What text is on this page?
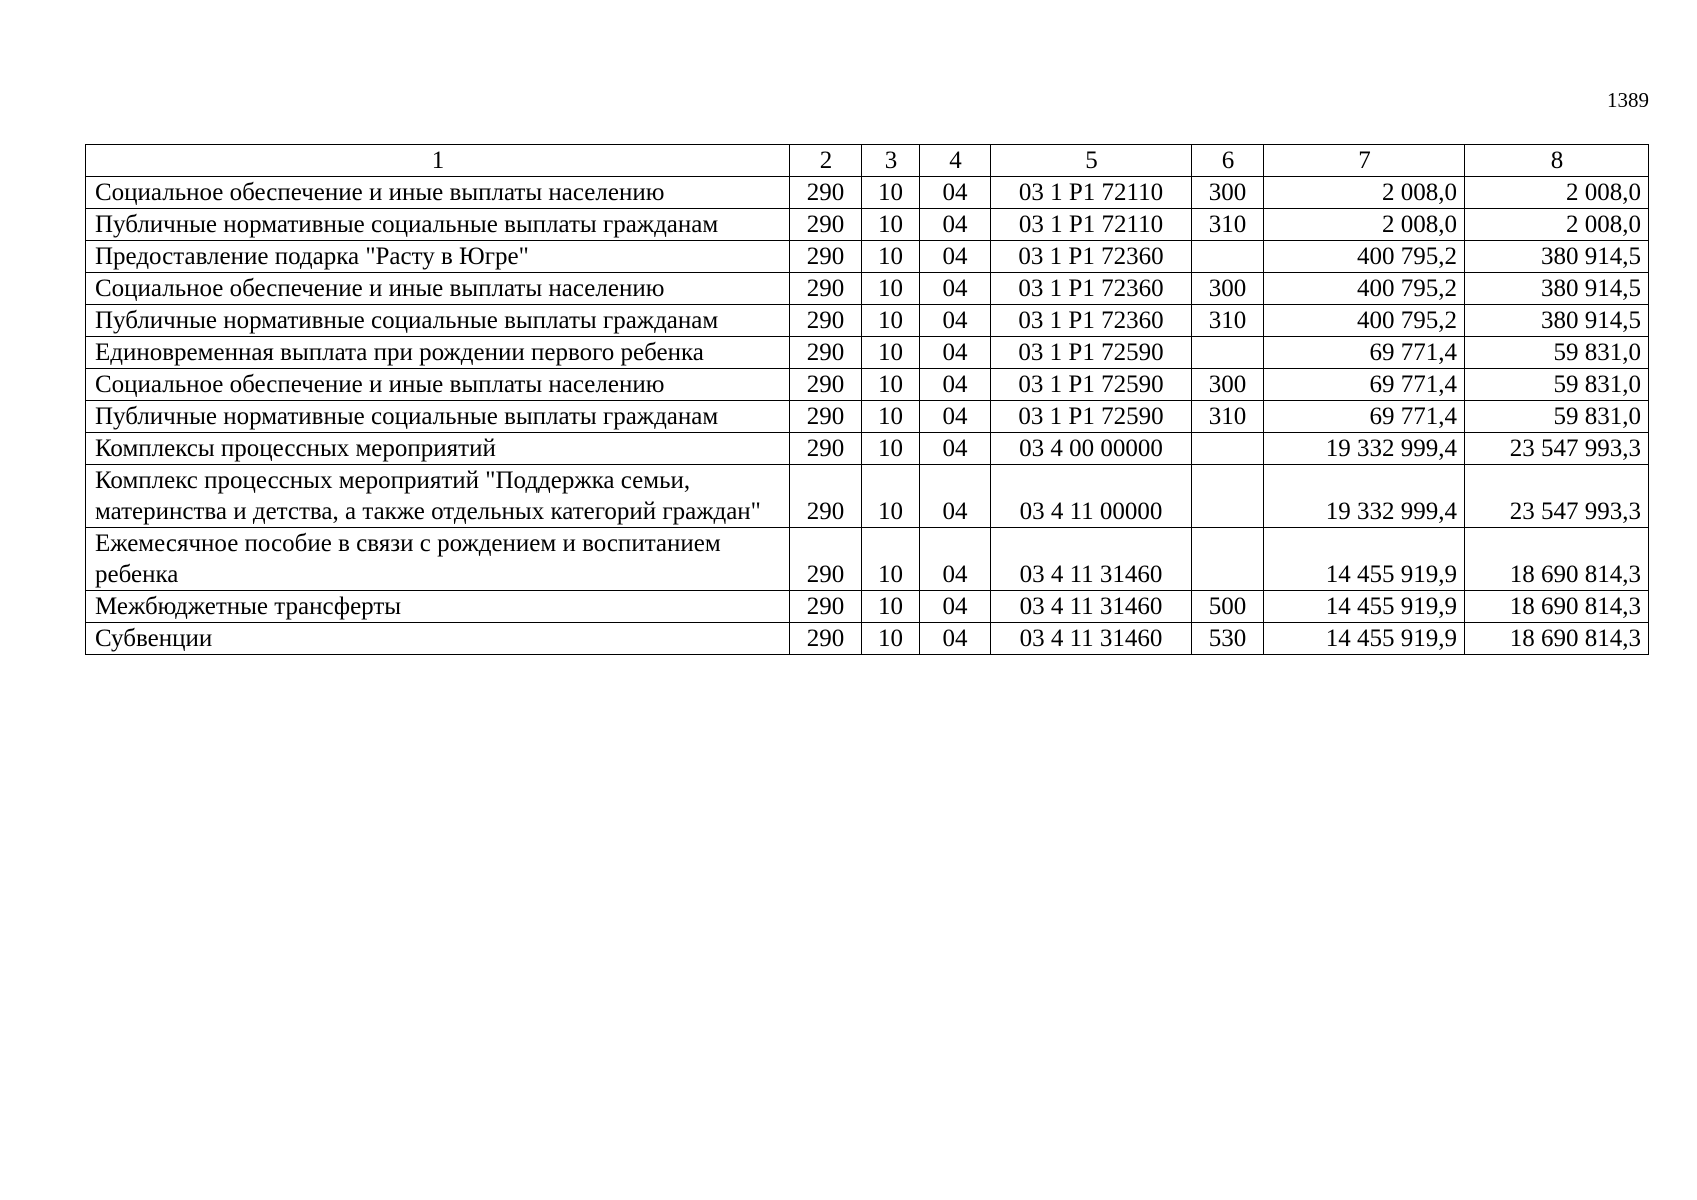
1389
1	2	3	4	5	6	7	8
Социальное обеспечение и иные выплаты населению	290	10	04	03 1 Р1 72110	300	2 008,0	2 008,0
Публичные нормативные социальные выплаты гражданам	290	10	04	03 1 Р1 72110	310	2 008,0	2 008,0
Предоставление подарка "Расту в Югре"	290	10	04	03 1 Р1 72360		400 795,2	380 914,5
Социальное обеспечение и иные выплаты населению	290	10	04	03 1 Р1 72360	300	400 795,2	380 914,5
Публичные нормативные социальные выплаты гражданам	290	10	04	03 1 Р1 72360	310	400 795,2	380 914,5
Единовременная выплата при рождении первого ребенка	290	10	04	03 1 Р1 72590		69 771,4	59 831,0
Социальное обеспечение и иные выплаты населению	290	10	04	03 1 Р1 72590	300	69 771,4	59 831,0
Публичные нормативные социальные выплаты гражданам	290	10	04	03 1 Р1 72590	310	69 771,4	59 831,0
Комплексы процессных мероприятий	290	10	04	03 4 00 00000		19 332 999,4	23 547 993,3
Комплекс процессных мероприятий "Поддержка семьи, материнства и детства, а также отдельных категорий граждан"	290	10	04	03 4 11 00000		19 332 999,4	23 547 993,3
Ежемесячное пособие в связи с рождением и воспитанием ребенка	290	10	04	03 4 11 31460		14 455 919,9	18 690 814,3
Межбюджетные трансферты	290	10	04	03 4 11 31460	500	14 455 919,9	18 690 814,3
Субвенции	290	10	04	03 4 11 31460	530	14 455 919,9	18 690 814,3
